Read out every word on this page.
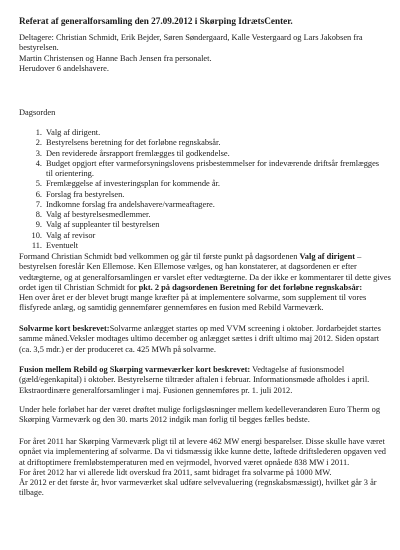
Referat af generalforsamling den 27.09.2012 i Skørping IdrætsCenter.

Deltagere: Christian Schmidt, Erik Bejder, Søren Søndergaard, Kalle Vestergaard og Lars Jakobsen fra bestyrelsen.
Martin Christensen og Hanne Bach Jensen fra personalet.
Herudover 6 andelshavere.

Dagsorden
1. Valg af dirigent.
2. Bestyrelsens beretning for det forløbne regnskabsår.
3. Den reviderede årsrapport fremlægges til godkendelse.
4. Budget opgjort efter varmeforsyningslovens prisbestemmelser for indeværende driftsår fremlægges til orientering.
5. Fremlæggelse af investeringsplan for kommende år.
6. Forslag fra bestyrelsen.
7. Indkomne forslag fra andelshavere/varmeaftagere.
8. Valg af bestyrelsesmedlemmer.
9. Valg af suppleanter til bestyrelsen
10. Valg af revisor
11. Eventuelt

Formand Christian Schmidt bød velkommen og går til første punkt på dagsordenen Valg af dirigent – bestyrelsen foreslår Ken Ellemose. Ken Ellemose vælges, og han konstaterer, at dagsordenen er efter vedtægterne, og at generalforsamlingen er varslet efter vedtægterne. Da der ikke er kommentarer til dette gives ordet igen til Christian Schmidt for pkt. 2 på dagsordenen Beretning for det forløbne regnskabsår:
Hen over året er der blevet brugt mange kræfter på at implementere solvarme, som supplement til vores flisfyrede anlæg, og samtidig gennemfører gennemføres en fusion med Rebild Varmeværk.

Solvarme kort beskrevet:Solvarme anlægget startes op med VVM screening i oktober. Jordarbejdet startes samme måned.Veksler modtages ultimo december og anlægget sættes i drift ultimo maj 2012. Siden opstart (ca. 3,5 mdr.) er der produceret ca. 425 MWh på solvarme.

Fusion mellem Rebild og Skørping varmeværker kort beskrevet: Vedtagelse af fusionsmodel (gæld/egenkapital) i oktober. Bestyrelserne tiltræder aftalen i februar. Informationsmøde afholdes i april. Ekstraordinære generalforsamlinger i maj. Fusionen gennemføres pr. 1. juli 2012.

Under hele forløbet har der været drøftet mulige forligsløsninger mellem kedelleverandøren Euro Therm og Skørping Varmeværk og den 30. marts 2012 indgik man forlig til begges fælles bedste.

For året 2011 har Skørping Varmeværk pligt til at levere 462 MW energi besparelser. Disse skulle have været opnået via implementering af solvarme. Da vi tidsmæssig ikke kunne dette, løftede driftslederen opgaven ved at driftoptimere fremløbstemperaturen med en vejrmodel, hvorved været opnåede 838 MW i 2011.
For året 2012 har vi allerede lidt overskud fra 2011, samt bidraget fra solvarme på 1000 MW.
År 2012 er det første år, hvor varmeværket skal udføre selvevaluering (regnskabsmæssigt), hvilket går 3 år tilbage.
